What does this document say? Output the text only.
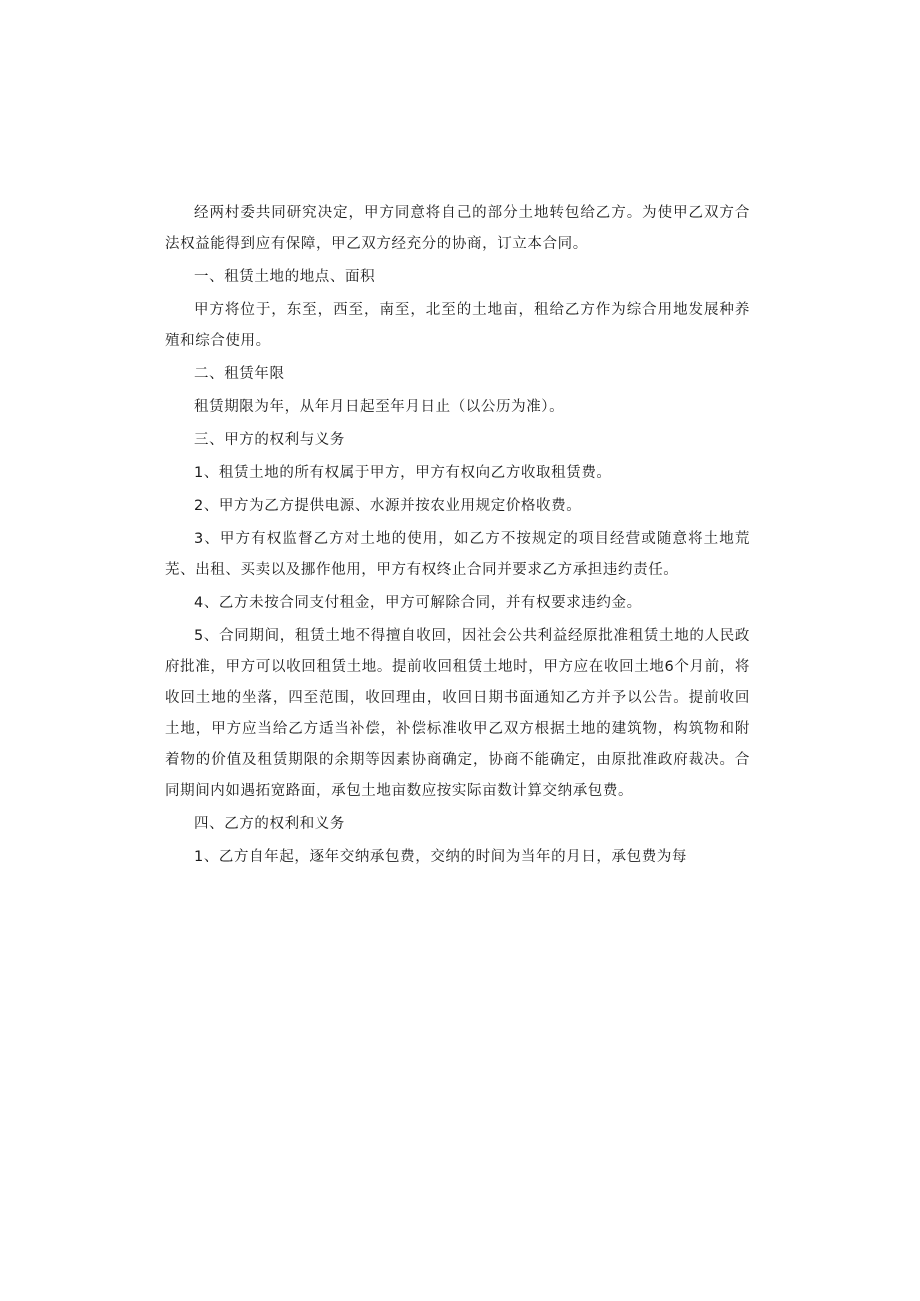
经两村委共同研究决定，甲方同意将自己的部分土地转包给乙方。为使甲乙双方合法权益能得到应有保障，甲乙双方经充分的协商，订立本合同。

一、租赁土地的地点、面积

甲方将位于，东至，西至，南至，北至的土地亩，租给乙方作为综合用地发展种养殖和综合使用。

二、租赁年限

租赁期限为年，从年月日起至年月日止（以公历为准）。

三、甲方的权利与义务

1、租赁土地的所有权属于甲方，甲方有权向乙方收取租赁费。

2、甲方为乙方提供电源、水源并按农业用规定价格收费。

3、甲方有权监督乙方对土地的使用，如乙方不按规定的项目经营或随意将土地荒芜、出租、买卖以及挪作他用，甲方有权终止合同并要求乙方承担违约责任。

4、乙方未按合同支付租金，甲方可解除合同，并有权要求违约金。

5、合同期间，租赁土地不得擅自收回，因社会公共利益经原批准租赁土地的人民政府批准，甲方可以收回租赁土地。提前收回租赁土地时，甲方应在收回土地6个月前，将收回土地的坐落，四至范围，收回理由，收回日期书面通知乙方并予以公告。提前收回土地，甲方应当给乙方适当补偿，补偿标准收甲乙双方根据土地的建筑物，构筑物和附着物的价值及租赁期限的余期等因素协商确定，协商不能确定，由原批准政府裁决。合同期间内如遇拓宽路面，承包土地亩数应按实际亩数计算交纳承包费。

四、乙方的权利和义务

1、乙方自年起，逐年交纳承包费，交纳的时间为当年的月日，承包费为每
